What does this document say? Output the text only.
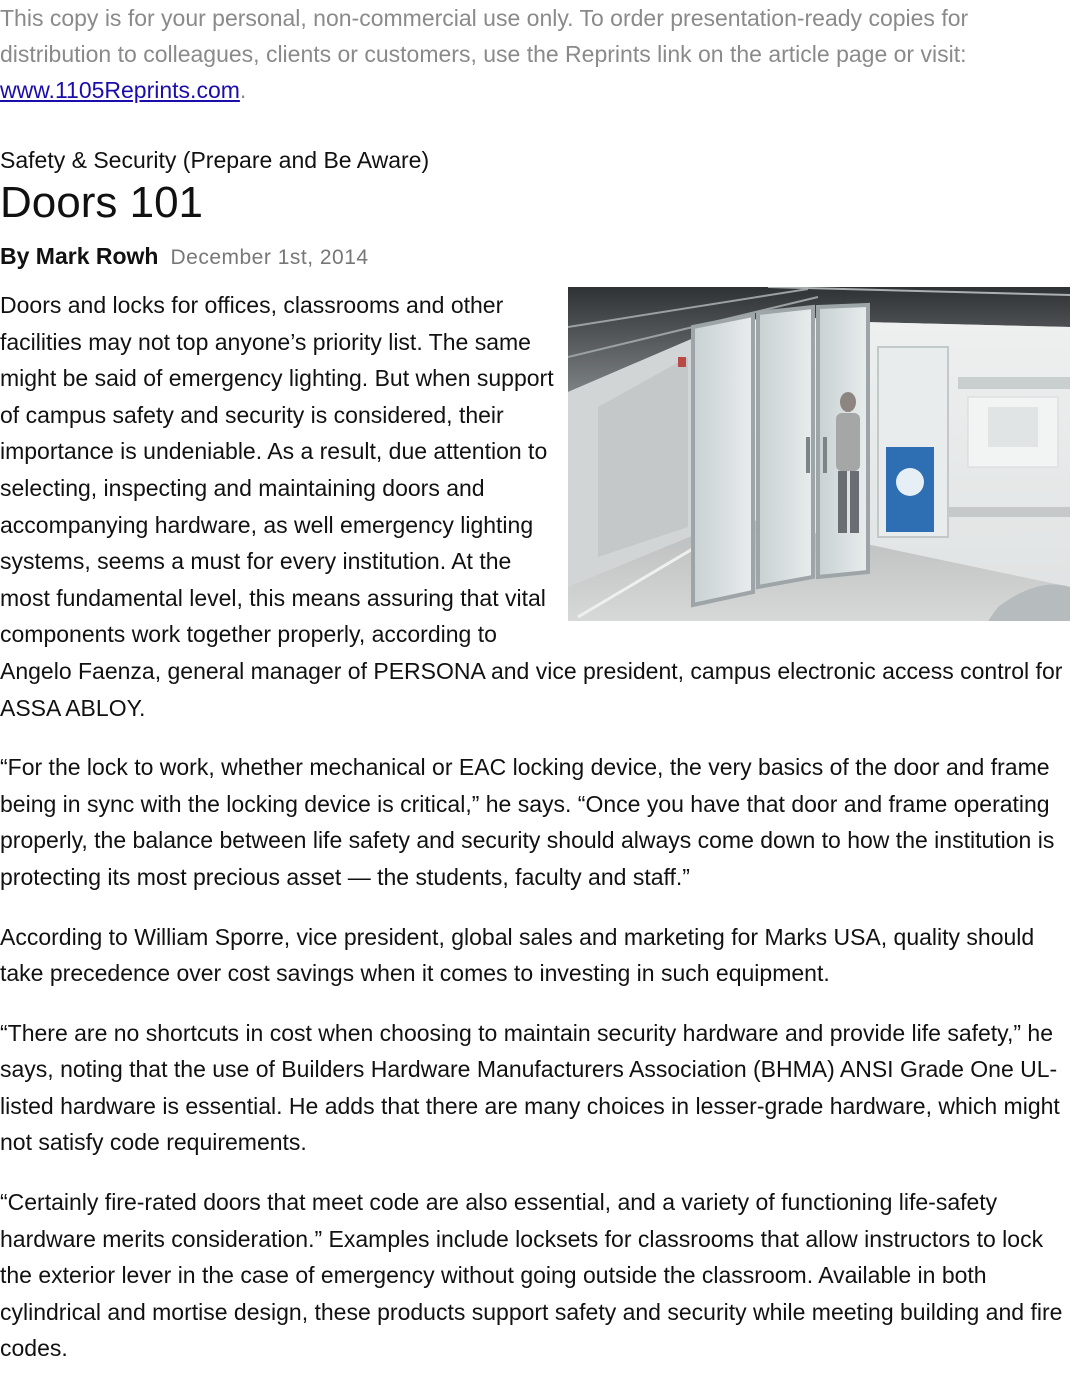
This copy is for your personal, non-commercial use only. To order presentation-ready copies for distribution to colleagues, clients or customers, use the Reprints link on the article page or visit: www.1105Reprints.com.

Safety & Security (Prepare and Be Aware)
Doors 101
By Mark Rowh December 1st, 2014

Doors and locks for offices, classrooms and other facilities may not top anyone’s priority list. The same might be said of emergency lighting. But when support of campus safety and security is considered, their importance is undeniable. As a result, due attention to selecting, inspecting and maintaining doors and accompanying hardware, as well emergency lighting systems, seems a must for every institution. At the most fundamental level, this means assuring that vital components work together properly, according to Angelo Faenza, general manager of PERSONA and vice president, campus electronic access control for ASSA ABLOY.

“For the lock to work, whether mechanical or EAC locking device, the very basics of the door and frame being in sync with the locking device is critical,” he says. “Once you have that door and frame operating properly, the balance between life safety and security should always come down to how the institution is protecting its most precious asset — the students, faculty and staff.”

According to William Sporre, vice president, global sales and marketing for Marks USA, quality should take precedence over cost savings when it comes to investing in such equipment.

“There are no shortcuts in cost when choosing to maintain security hardware and provide life safety,” he says, noting that the use of Builders Hardware Manufacturers Association (BHMA) ANSI Grade One UL-listed hardware is essential. He adds that there are many choices in lesser-grade hardware, which might not satisfy code requirements.

“Certainly fire-rated doors that meet code are also essential, and a variety of functioning life-safety hardware merits consideration.” Examples include locksets for classrooms that allow instructors to lock the exterior lever in the case of emergency without going outside the classroom. Available in both cylindrical and mortise design, these products support safety and security while meeting building and fire codes.
